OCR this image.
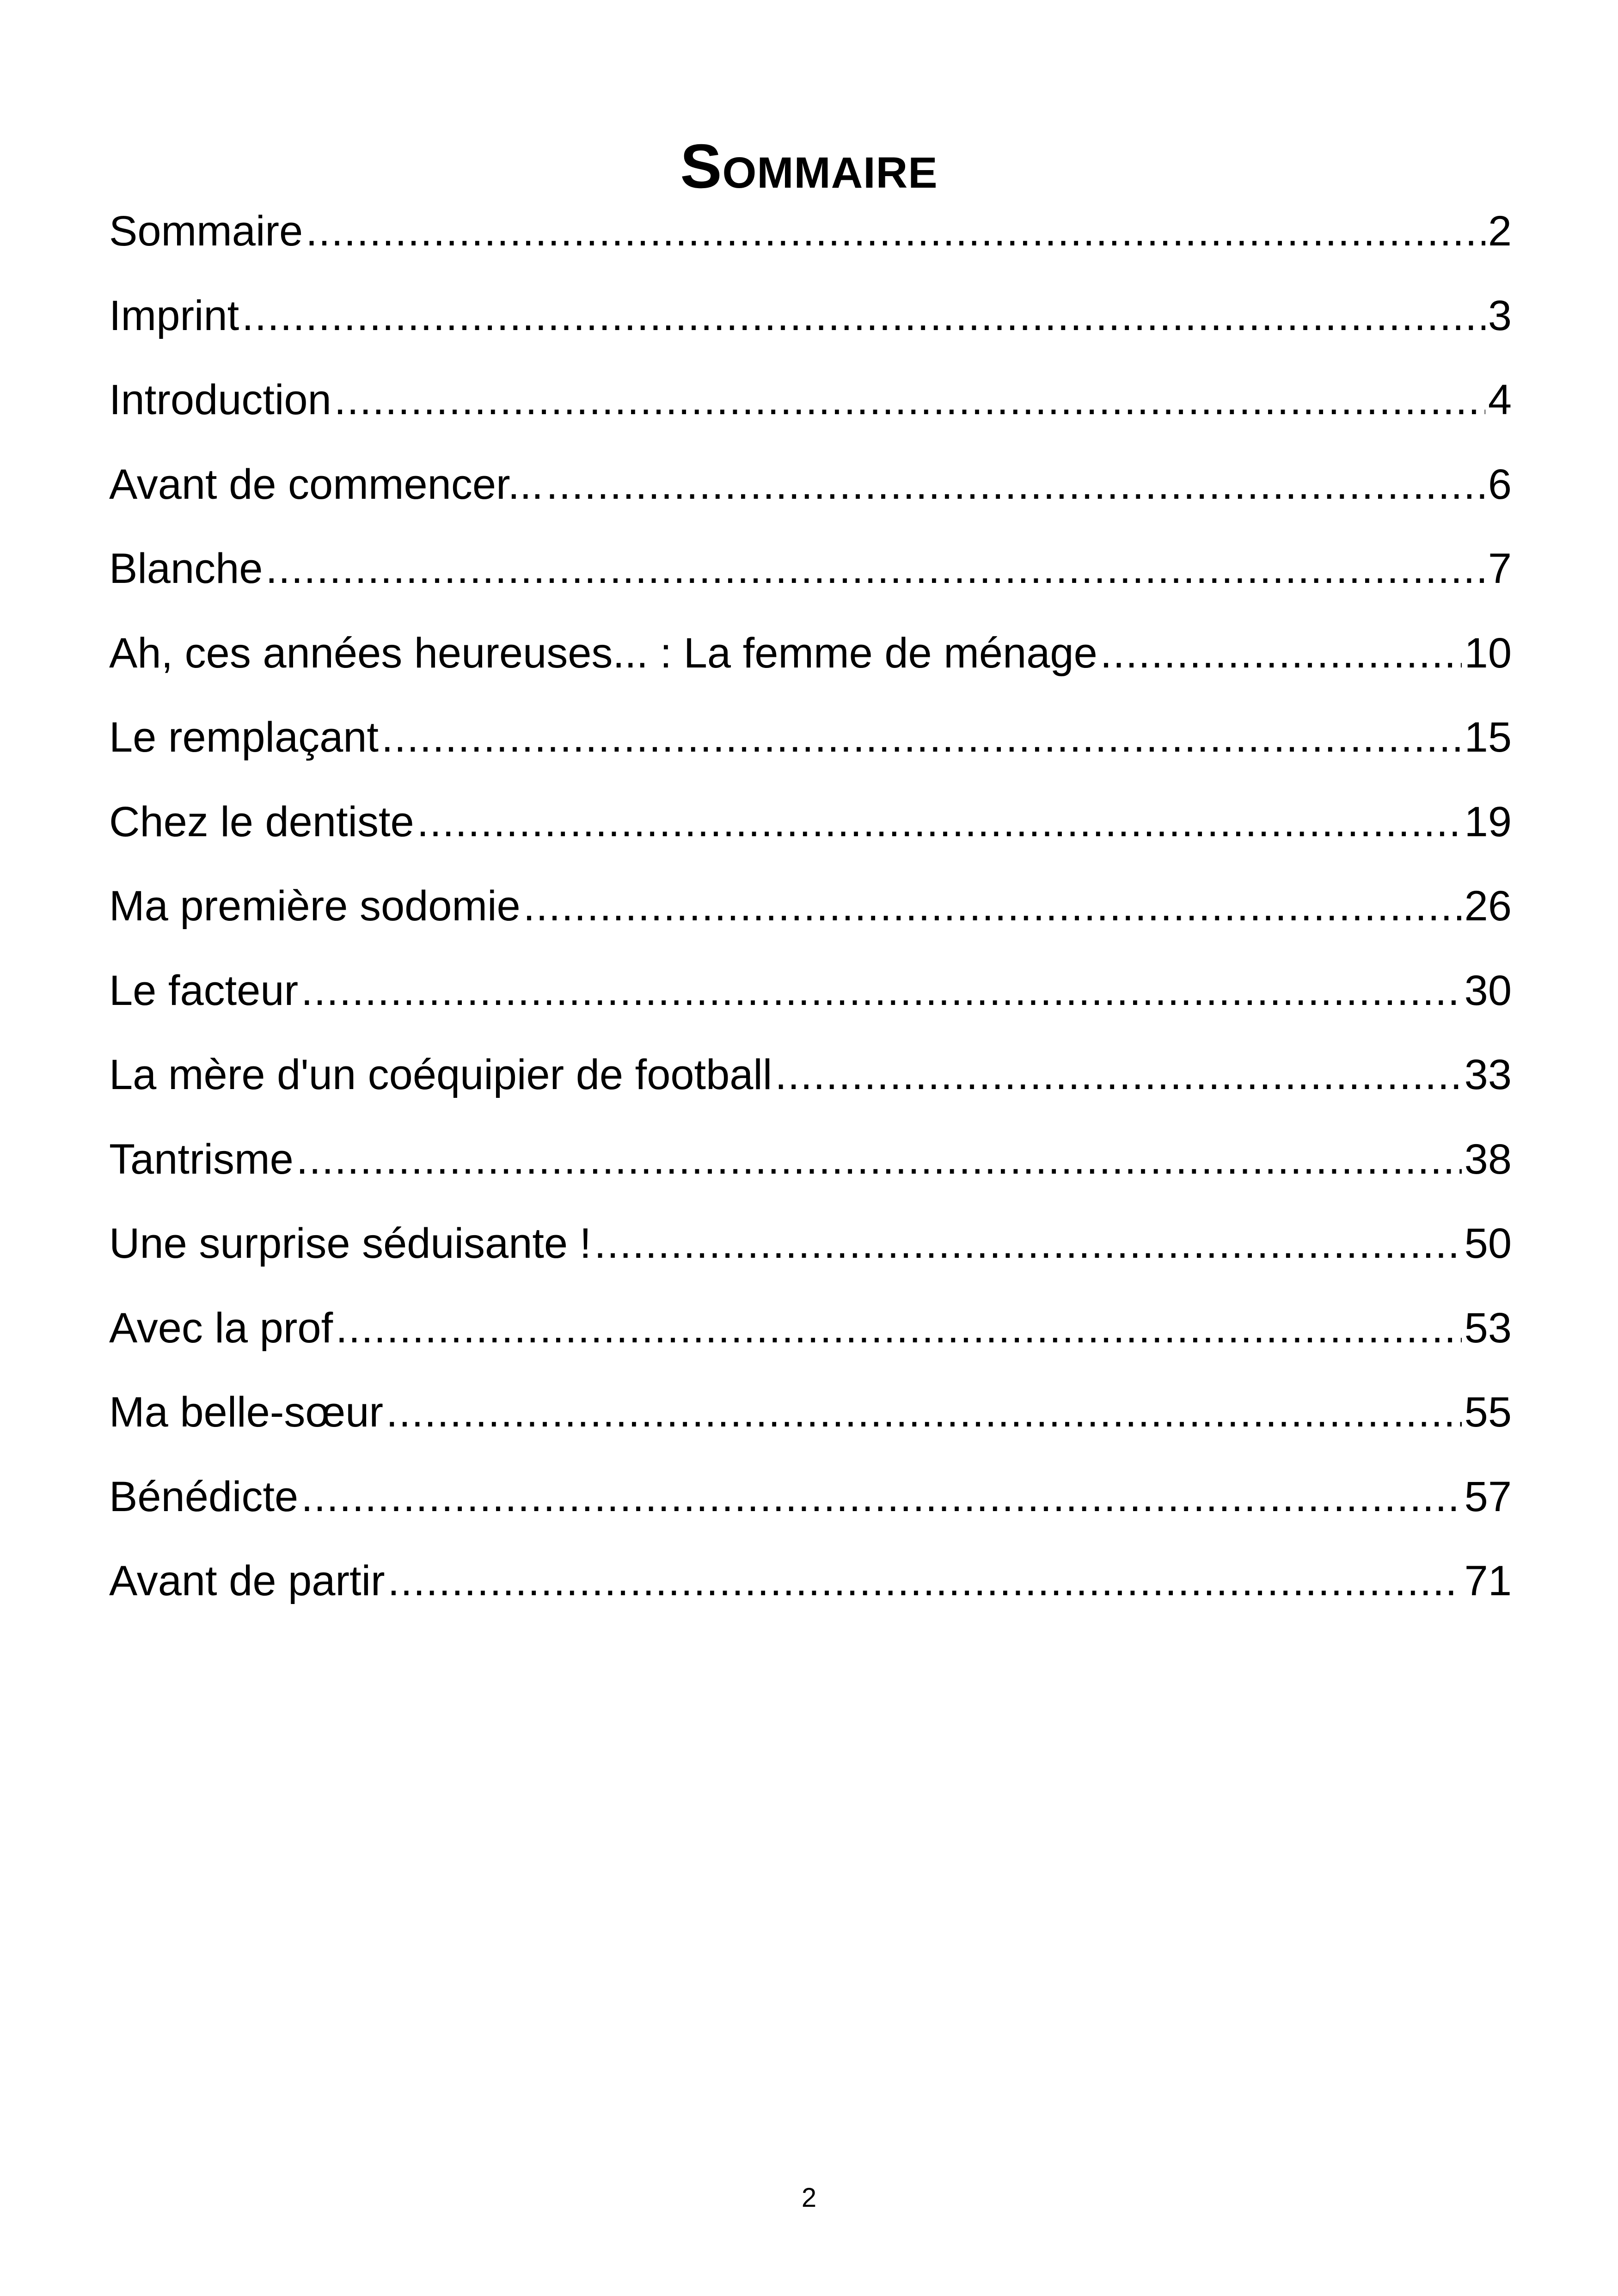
Sommaire
Sommaire .....	2
Imprint .....	3
Introduction .....	4
Avant de commencer... .....	6
Blanche .....	7
Ah, ces années heureuses... : La femme de ménage .....	10
Le remplaçant .....	15
Chez le dentiste .....	19
Ma première sodomie .....	26
Le facteur .....	30
La mère d'un coéquipier de football .....	33
Tantrisme .....	38
Une surprise séduisante ! .....	50
Avec la prof .....	53
Ma belle-sœur .....	55
Bénédicte .....	57
Avant de partir .....	71
2
